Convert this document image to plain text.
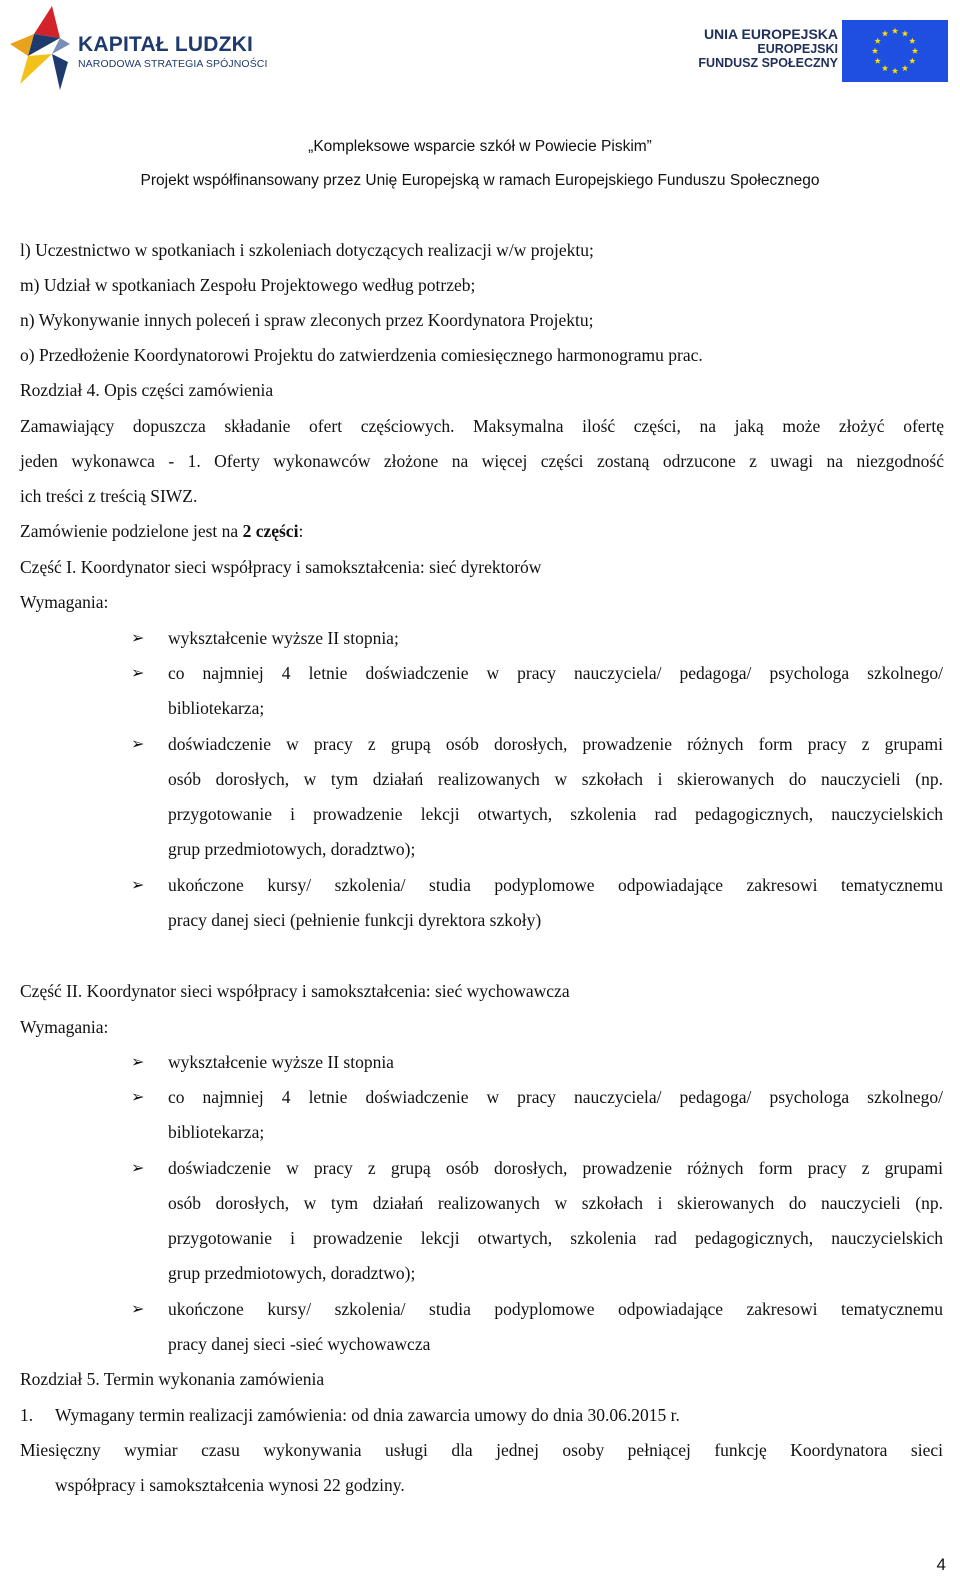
KAPITAŁ LUDZKI
NARODOWA STRATEGIA SPÓJNOŚCI
UNIA EUROPEJSKA
EUROPEJSKI
FUNDUSZ SPOŁECZNY
„Kompleksowe wsparcie szkół w Powiecie Piskim”
Projekt współfinansowany przez Unię Europejską w ramach Europejskiego Funduszu Społecznego
l) Uczestnictwo w spotkaniach i szkoleniach dotyczących realizacji w/w projektu;
m) Udział w spotkaniach Zespołu Projektowego według potrzeb;
n) Wykonywanie innych poleceń i spraw zleconych przez Koordynatora Projektu;
o) Przedłożenie Koordynatorowi Projektu do zatwierdzenia comiesięcznego harmonogramu prac.
Rozdział 4. Opis części zamówienia
Zamawiający dopuszcza składanie ofert częściowych. Maksymalna ilość części, na jaką może złożyć ofertę
jeden wykonawca - 1. Oferty wykonawców złożone na więcej części zostaną odrzucone z uwagi na niezgodność
ich treści z treścią SIWZ.
Zamówienie podzielone jest na 2 części:
Część I. Koordynator sieci współpracy i samokształcenia: sieć dyrektorów
Wymagania:
➢ wykształcenie wyższe II stopnia;
➢ co najmniej 4 letnie doświadczenie w pracy nauczyciela/ pedagoga/ psychologa szkolnego/
bibliotekarza;
➢ doświadczenie w pracy z grupą osób dorosłych, prowadzenie różnych form pracy z grupami
osób dorosłych, w tym działań realizowanych w szkołach i skierowanych do nauczycieli (np.
przygotowanie i prowadzenie lekcji otwartych, szkolenia rad pedagogicznych, nauczycielskich
grup przedmiotowych, doradztwo);
➢ ukończone kursy/ szkolenia/ studia podyplomowe odpowiadające zakresowi tematycznemu
pracy danej sieci (pełnienie funkcji dyrektora szkoły)
Część II. Koordynator sieci współpracy i samokształcenia: sieć wychowawcza
Wymagania:
➢ wykształcenie wyższe II stopnia
➢ co najmniej 4 letnie doświadczenie w pracy nauczyciela/ pedagoga/ psychologa szkolnego/
bibliotekarza;
➢ doświadczenie w pracy z grupą osób dorosłych, prowadzenie różnych form pracy z grupami
osób dorosłych, w tym działań realizowanych w szkołach i skierowanych do nauczycieli (np.
przygotowanie i prowadzenie lekcji otwartych, szkolenia rad pedagogicznych, nauczycielskich
grup przedmiotowych, doradztwo);
➢ ukończone kursy/ szkolenia/ studia podyplomowe odpowiadające zakresowi tematycznemu
pracy danej sieci -sieć wychowawcza
Rozdział 5. Termin wykonania zamówienia
1. Wymagany termin realizacji zamówienia: od dnia zawarcia umowy do dnia 30.06.2015 r.
Miesięczny wymiar czasu wykonywania usługi dla jednej osoby pełniącej funkcję Koordynatora sieci
współpracy i samokształcenia wynosi 22 godziny.
4
